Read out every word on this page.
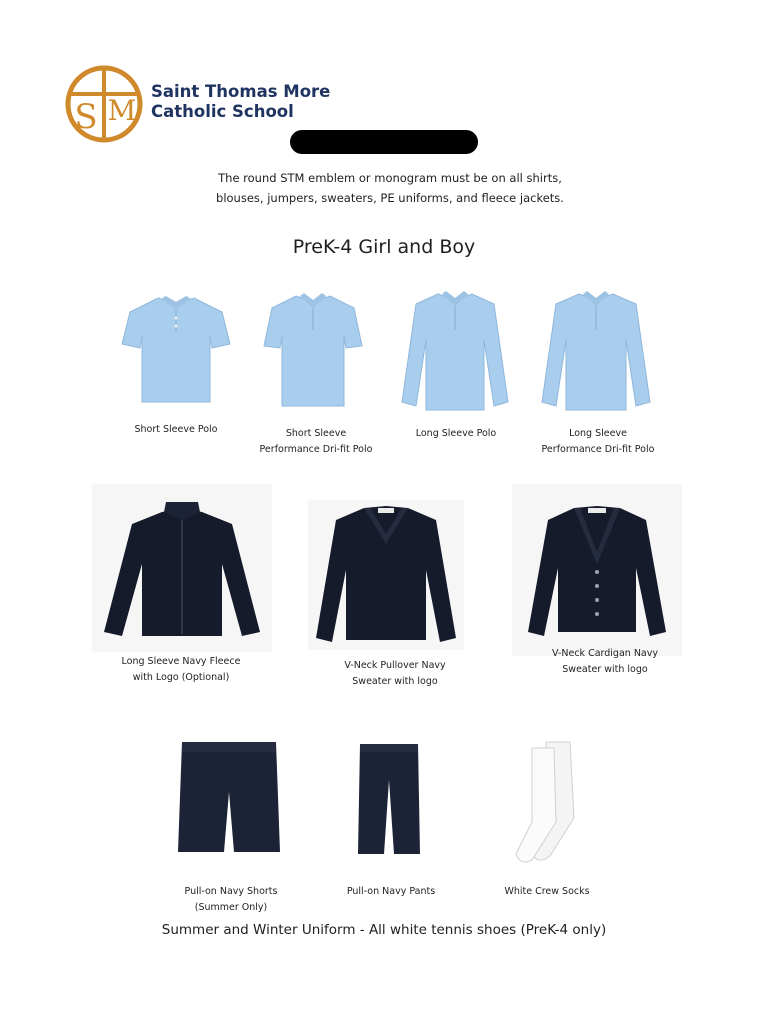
S M
Saint Thomas More
Catholic School
The round STM emblem or monogram must be on all shirts,
blouses, jumpers, sweaters, PE uniforms, and fleece jackets.
PreK-4 Girl and Boy
Short Sleeve Polo	Short Sleeve
Performance Dri-fit Polo
Long Sleeve Polo	Long Sleeve
Performance Dri-fit Polo
Long Sleeve Navy Fleece
with Logo (Optional)
V-Neck Pullover Navy
Sweater with logo
V-Neck Cardigan Navy
Sweater with logo
Pull-on Navy Shorts
(Summer Only)
Pull-on Navy Pants	White Crew Socks
Summer and Winter Uniform - All white tennis shoes (PreK-4 only)
